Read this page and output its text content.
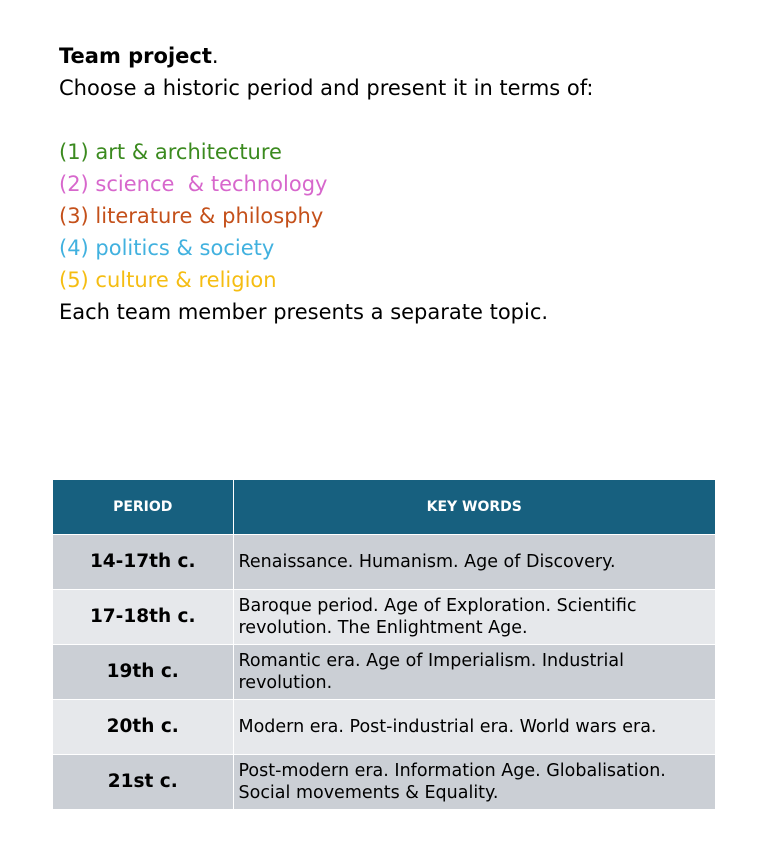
Team project.

Choose a historic period and present it in terms of:

(1) art & architecture

(2) science  & technology

(3) literature & philosphy

(4) politics & society

(5) culture & religion

Each team member presents a separate topic.

PERIOD	KEY WORDS
14-17th c.	Renaissance. Humanism. Age of Discovery.
17-18th c.	Baroque period. Age of Exploration. Scientific revolution. The Enlightment Age.
19th c.	Romantic era. Age of Imperialism. Industrial revolution.
20th c.	Modern era. Post-industrial era. World wars era.
21st c.	Post-modern era. Information Age. Globalisation. Social movements & Equality.
